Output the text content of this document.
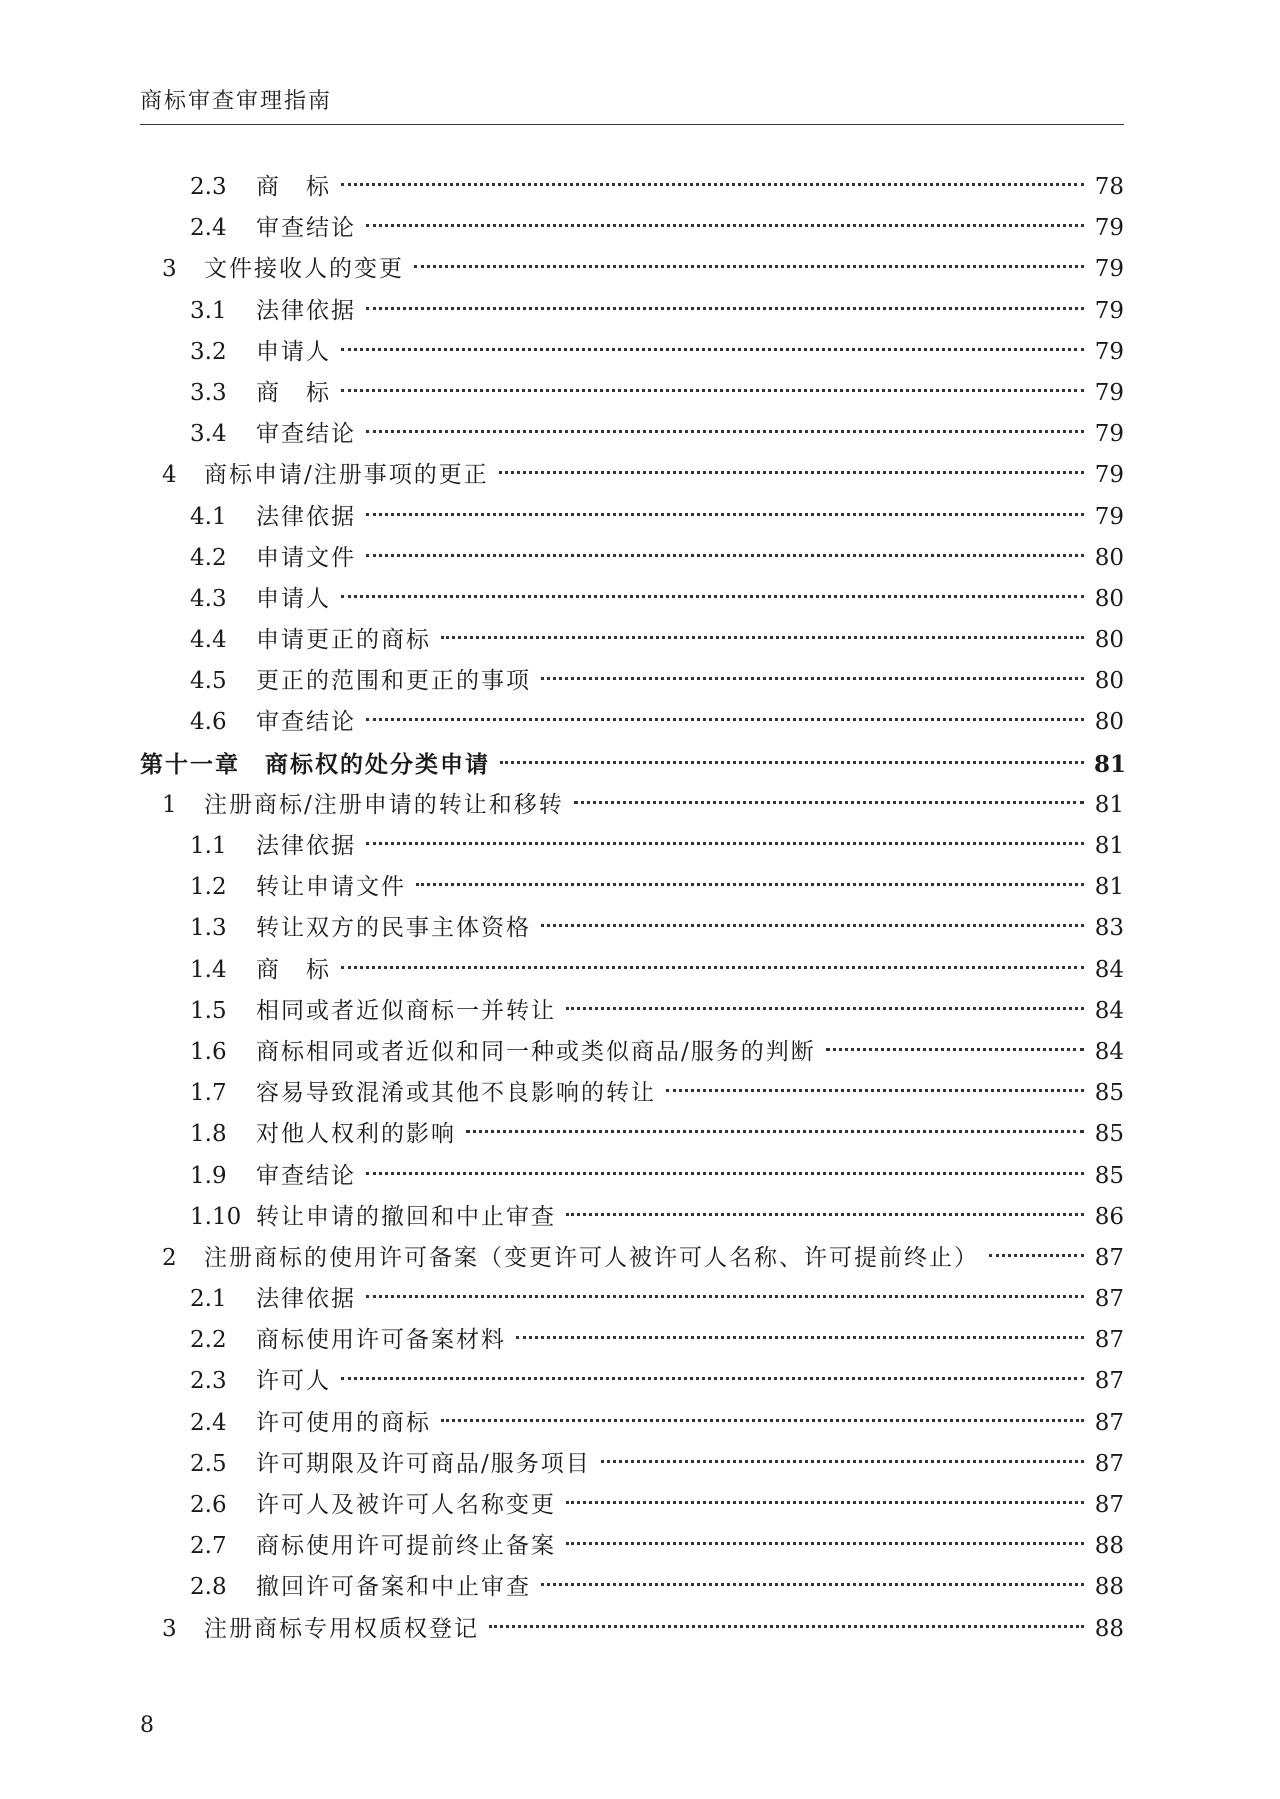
商标审查审理指南
2.3	商　标	78
2.4	审查结论	79
3	文件接收人的变更	79
3.1	法律依据	79
3.2	申请人	79
3.3	商　标	79
3.4	审查结论	79
4	商标申请/注册事项的更正	79
4.1	法律依据	79
4.2	申请文件	80
4.3	申请人	80
4.4	申请更正的商标	80
4.5	更正的范围和更正的事项	80
4.6	审查结论	80
第十一章　商标权的处分类申请	81
1	注册商标/注册申请的转让和移转	81
1.1	法律依据	81
1.2	转让申请文件	81
1.3	转让双方的民事主体资格	83
1.4	商　标	84
1.5	相同或者近似商标一并转让	84
1.6	商标相同或者近似和同一种或类似商品/服务的判断	84
1.7	容易导致混淆或其他不良影响的转让	85
1.8	对他人权利的影响	85
1.9	审查结论	85
1.10 转让申请的撤回和中止审查	86
2	注册商标的使用许可备案（变更许可人被许可人名称、许可提前终止）	87
2.1	法律依据	87
2.2	商标使用许可备案材料	87
2.3	许可人	87
2.4	许可使用的商标	87
2.5	许可期限及许可商品/服务项目	87
2.6	许可人及被许可人名称变更	87
2.7	商标使用许可提前终止备案	88
2.8	撤回许可备案和中止审查	88
3	注册商标专用权质权登记	88
8
